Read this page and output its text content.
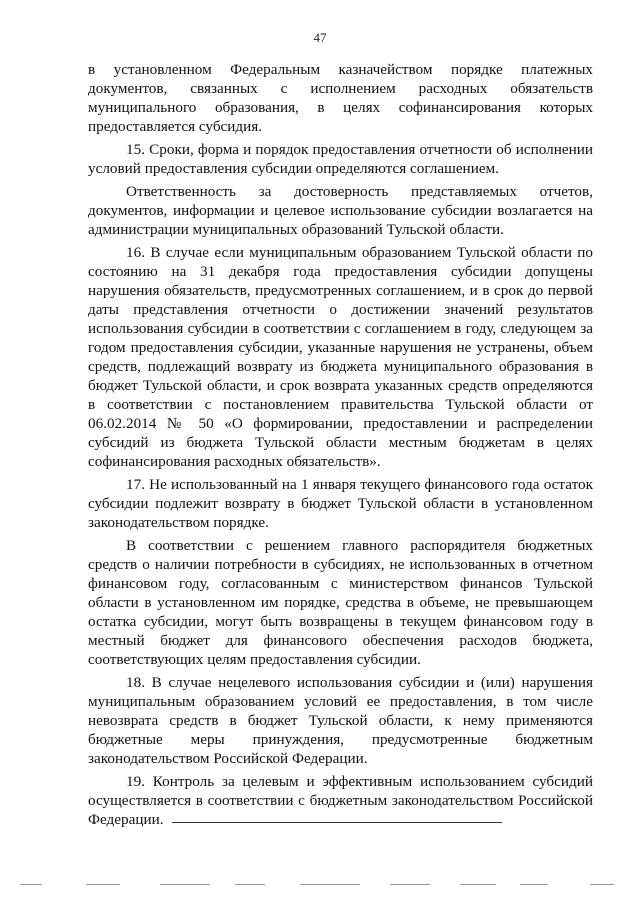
47

в установленном Федеральным казначейством порядке платежных документов, связанных с исполнением расходных обязательств муниципального образования, в целях софинансирования которых предоставляется субсидия.

15. Сроки, форма и порядок предоставления отчетности об исполнении условий предоставления субсидии определяются соглашением.

Ответственность за достоверность представляемых отчетов, документов, информации и целевое использование субсидии возлагается на администрации муниципальных образований Тульской области.

16. В случае если муниципальным образованием Тульской области по состоянию на 31 декабря года предоставления субсидии допущены нарушения обязательств, предусмотренных соглашением, и в срок до первой даты представления отчетности о достижении значений результатов использования субсидии в соответствии с соглашением в году, следующем за годом предоставления субсидии, указанные нарушения не устранены, объем средств, подлежащий возврату из бюджета муниципального образования в бюджет Тульской области, и срок возврата указанных средств определяются в соответствии с постановлением правительства Тульской области от 06.02.2014 № 50 «О формировании, предоставлении и распределении субсидий из бюджета Тульской области местным бюджетам в целях софинансирования расходных обязательств».

17. Не использованный на 1 января текущего финансового года остаток субсидии подлежит возврату в бюджет Тульской области в установленном законодательством порядке.

В соответствии с решением главного распорядителя бюджетных средств о наличии потребности в субсидиях, не использованных в отчетном финансовом году, согласованным с министерством финансов Тульской области в установленном им порядке, средства в объеме, не превышающем остатка субсидии, могут быть возвращены в текущем финансовом году в местный бюджет для финансового обеспечения расходов бюджета, соответствующих целям предоставления субсидии.

18. В случае нецелевого использования субсидии и (или) нарушения муниципальным образованием условий ее предоставления, в том числе невозврата средств в бюджет Тульской области, к нему применяются бюджетные меры принуждения, предусмотренные бюджетным законодательством Российской Федерации.

19. Контроль за целевым и эффективным использованием субсидий осуществляется в соответствии с бюджетным законодательством Российской Федерации.
